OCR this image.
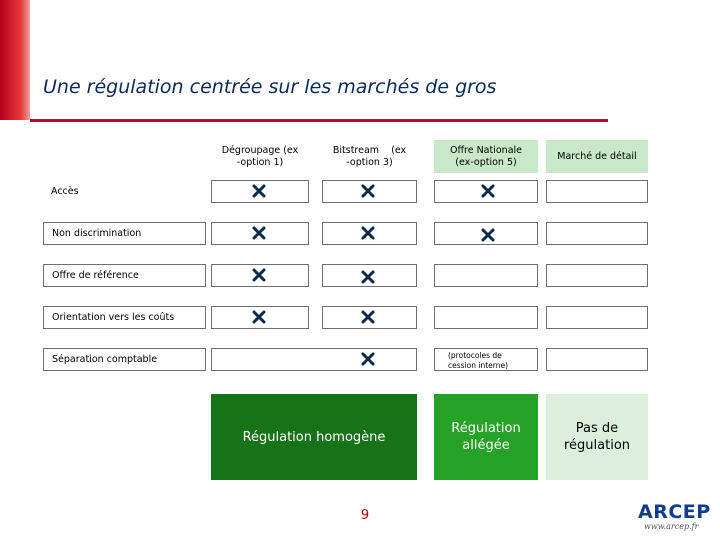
Une régulation centrée sur les marchés de gros
Dégroupage (ex
-option 1)
Bitstream    (ex
-option 3)
Offre Nationale
(ex-option 5)
Marché de détail
Accès
Non discrimination
Offre de référence
Orientation vers les coûts
Séparation comptable	(protocoles de
cession interne)
Régulation homogène
Régulation
allégée
Pas de
régulation
9	ARCEP
www.arcep.fr
